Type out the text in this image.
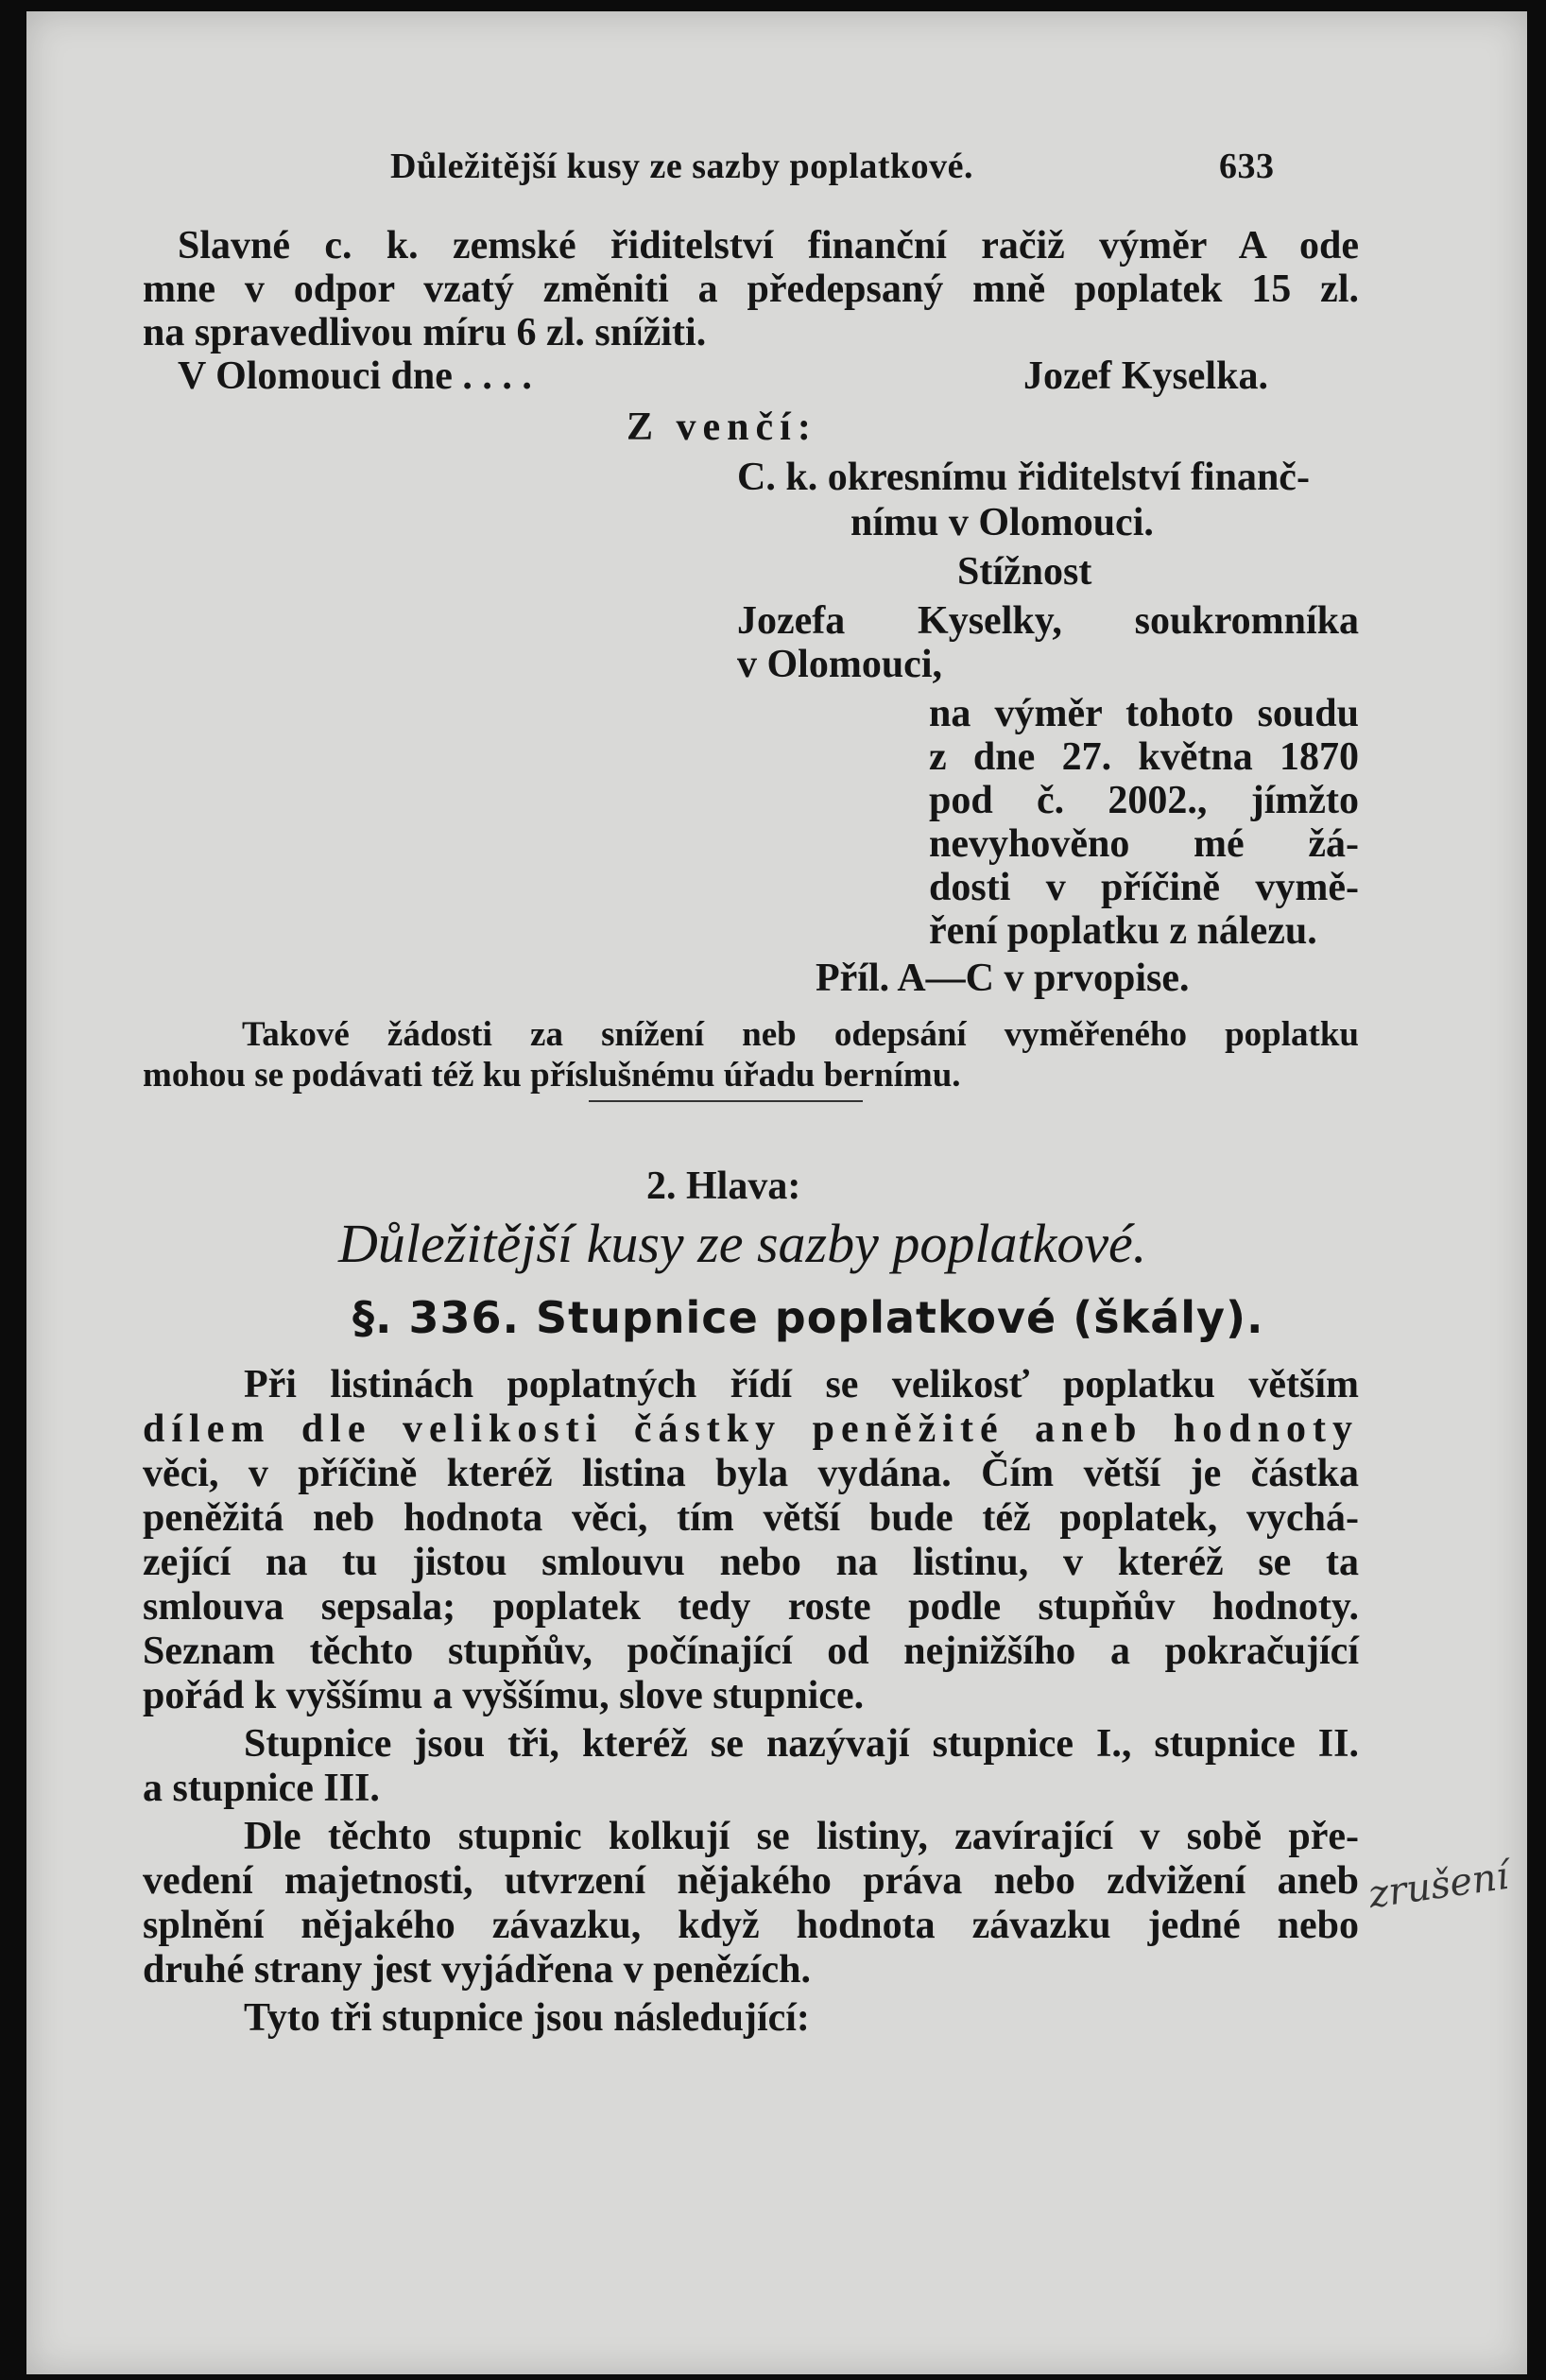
Důležitější kusy ze sazby poplatkové.	633
Slavné c. k. zemské řiditelství finanční račiž výměr A ode
mne v odpor vzatý změniti a předepsaný mně poplatek 15 zl.
na spravedlivou míru 6 zl. snížiti.
V Olomouci dne . . . .	Jozef Kyselka.
Z venčí:
C. k. okresnímu řiditelství finanč-
nímu v Olomouci.
Stížnost
Jozefa Kyselky, soukromníka
v Olomouci,
na výměr tohoto soudu
z dne 27. května 1870
pod č. 2002., jímžto
nevyhověno mé žá-
dosti v příčině vymě-
ření poplatku z nálezu.
Příl. A—C v prvopise.
Takové žádosti za snížení neb odepsání vyměřeného poplatku
mohou se podávati též ku příslušnému úřadu bernímu.
2. Hlava:
Důležitější kusy ze sazby poplatkové.
§. 336. Stupnice poplatkové (škály).
Při listinách poplatných řídí se velikosť poplatku větším
dílem dle velikosti částky peněžité aneb hodnoty
věci, v příčině kteréž listina byla vydána. Čím větší je částka
peněžitá neb hodnota věci, tím větší bude též poplatek, vychá-
zející na tu jistou smlouvu nebo na listinu, v kteréž se ta
smlouva sepsala; poplatek tedy roste podle stupňův hodnoty.
Seznam těchto stupňův, počínající od nejnižšího a pokračující
pořád k vyššímu a vyššímu, slove stupnice.
Stupnice jsou tři, kteréž se nazývají stupnice I., stupnice II.
a stupnice III.
Dle těchto stupnic kolkují se listiny, zavírající v sobě pře-
vedení majetnosti, utvrzení nějakého práva nebo zdvižení aneb
splnění nějakého závazku, když hodnota závazku jedné nebo
druhé strany jest vyjádřena v penězích.
Tyto tři stupnice jsou následující:
zrušení
